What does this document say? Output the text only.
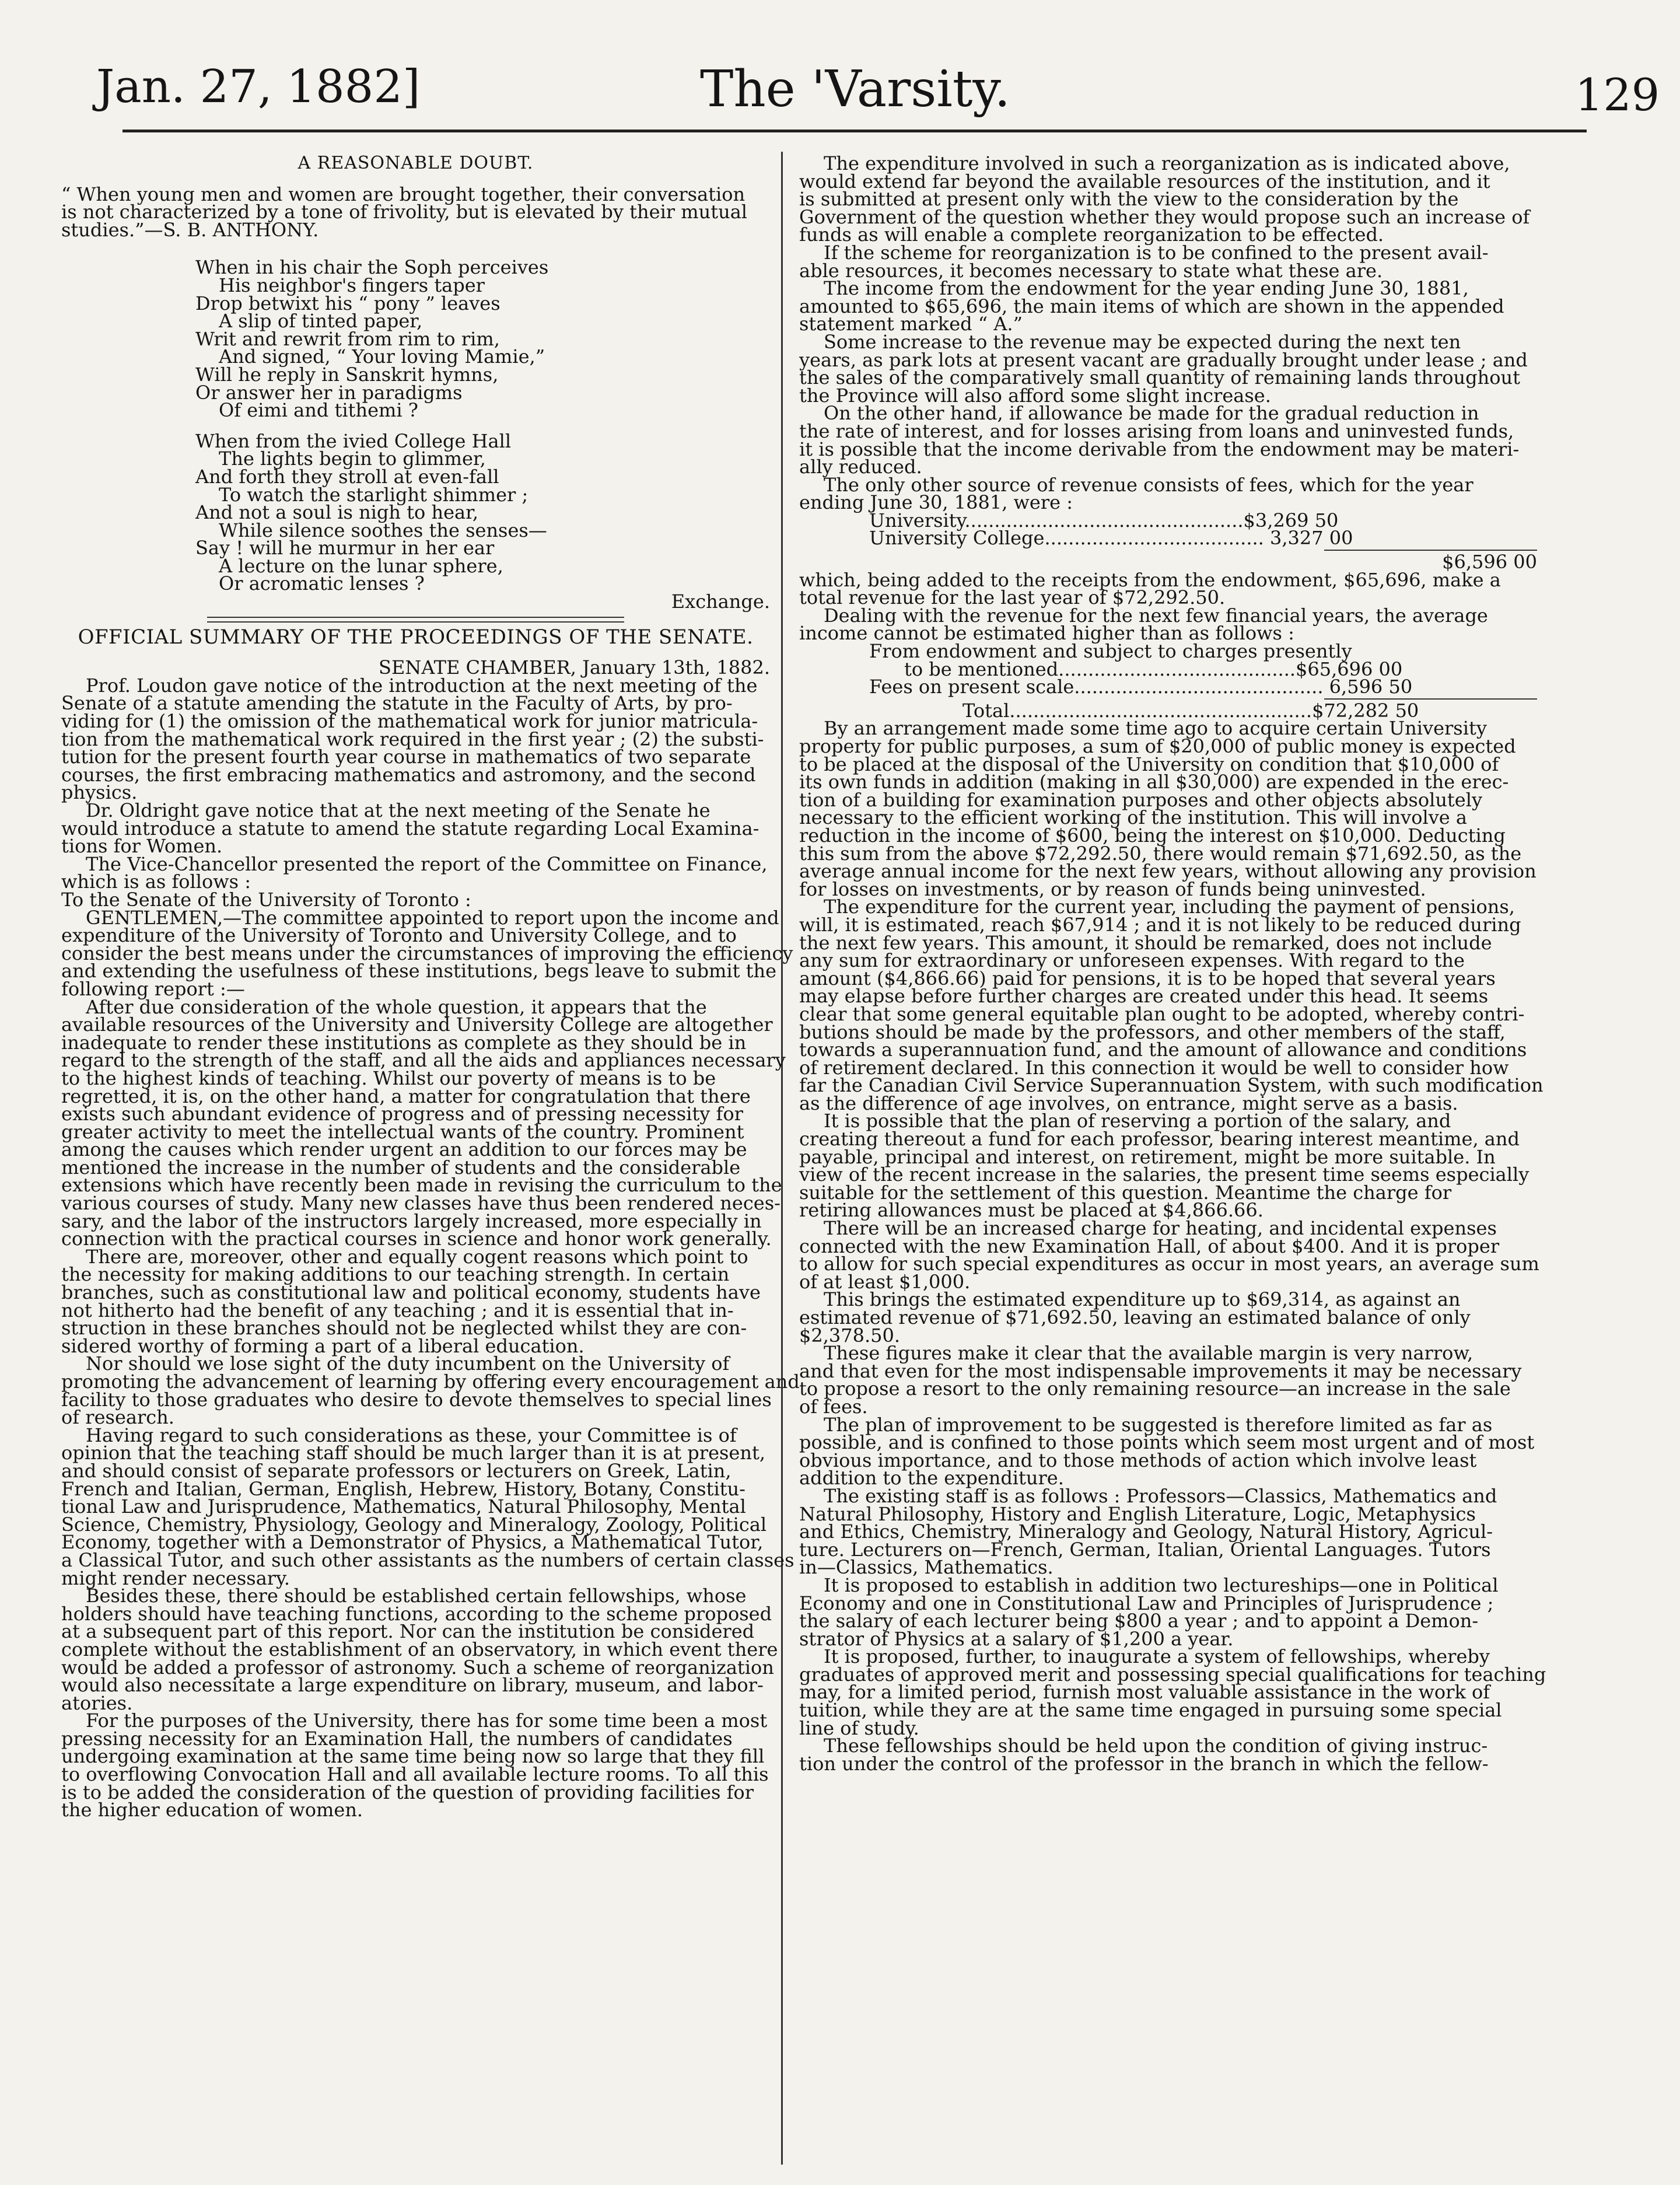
Jan. 27, 1882]	The 'Varsity.	129
A REASONABLE DOUBT.
“ When young men and women are brought together, their conversation
is not characterized by a tone of frivolity, but is elevated by their mutual
studies.”—S. B. ANTHONY.
When in his chair the Soph perceives
His neighbor's fingers taper
Drop betwixt his “ pony ” leaves
A slip of tinted paper,
Writ and rewrit from rim to rim,
And signed, “ Your loving Mamie,”
Will he reply in Sanskrit hymns,
Or answer her in paradigms
Of eimi and tithemi ?
When from the ivied College Hall
The lights begin to glimmer,
And forth they stroll at even-fall
To watch the starlight shimmer ;
And not a soul is nigh to hear,
While silence soothes the senses—
Say ! will he murmur in her ear
A lecture on the lunar sphere,
Or acromatic lenses ?
Exchange.
OFFICIAL SUMMARY OF THE PROCEEDINGS OF THE SENATE.
SENATE CHAMBER, January 13th, 1882.
Prof. Loudon gave notice of the introduction at the next meeting of the
Senate of a statute amending the statute in the Faculty of Arts, by pro-
viding for (1) the omission of the mathematical work for junior matricula-
tion from the mathematical work required in the first year ; (2) the substi-
tution for the present fourth year course in mathematics of two separate
courses, the first embracing mathematics and astromony, and the second
physics.
Dr. Oldright gave notice that at the next meeting of the Senate he
would introduce a statute to amend the statute regarding Local Examina-
tions for Women.
The Vice-Chancellor presented the report of the Committee on Finance,
which is as follows :
To the Senate of the University of Toronto :
GENTLEMEN,—The committee appointed to report upon the income and
expenditure of the University of Toronto and University College, and to
consider the best means under the circumstances of improving the efficiency
and extending the usefulness of these institutions, begs leave to submit the
following report :—
After due consideration of the whole question, it appears that the
available resources of the University and University College are altogether
inadequate to render these institutions as complete as they should be in
regard to the strength of the staff, and all the aids and appliances necessary
to the highest kinds of teaching. Whilst our poverty of means is to be
regretted, it is, on the other hand, a matter for congratulation that there
exists such abundant evidence of progress and of pressing necessity for
greater activity to meet the intellectual wants of the country. Prominent
among the causes which render urgent an addition to our forces may be
mentioned the increase in the number of students and the considerable
extensions which have recently been made in revising the curriculum to the
various courses of study. Many new classes have thus been rendered neces-
sary, and the labor of the instructors largely increased, more especially in
connection with the practical courses in science and honor work generally.
There are, moreover, other and equally cogent reasons which point to
the necessity for making additions to our teaching strength. In certain
branches, such as constitutional law and political economy, students have
not hitherto had the benefit of any teaching ; and it is essential that in-
struction in these branches should not be neglected whilst they are con-
sidered worthy of forming a part of a liberal education.
Nor should we lose sight of the duty incumbent on the University of
promoting the advancement of learning by offering every encouragement and
facility to those graduates who desire to devote themselves to special lines
of research.
Having regard to such considerations as these, your Committee is of
opinion that the teaching staff should be much larger than it is at present,
and should consist of separate professors or lecturers on Greek, Latin,
French and Italian, German, English, Hebrew, History, Botany, Constitu-
tional Law and Jurisprudence, Mathematics, Natural Philosophy, Mental
Science, Chemistry, Physiology, Geology and Mineralogy, Zoology, Political
Economy, together with a Demonstrator of Physics, a Mathematical Tutor,
a Classical Tutor, and such other assistants as the numbers of certain classes
might render necessary.
Besides these, there should be established certain fellowships, whose
holders should have teaching functions, according to the scheme proposed
at a subsequent part of this report. Nor can the institution be considered
complete without the establishment of an observatory, in which event there
would be added a professor of astronomy. Such a scheme of reorganization
would also necessitate a large expenditure on library, museum, and labor-
atories.
For the purposes of the University, there has for some time been a most
pressing necessity for an Examination Hall, the numbers of candidates
undergoing examination at the same time being now so large that they fill
to overflowing Convocation Hall and all available lecture rooms. To all this
is to be added the consideration of the question of providing facilities for
the higher education of women.
The expenditure involved in such a reorganization as is indicated above,
would extend far beyond the available resources of the institution, and it
is submitted at present only with the view to the consideration by the
Government of the question whether they would propose such an increase of
funds as will enable a complete reorganization to be effected.
If the scheme for reorganization is to be confined to the present avail-
able resources, it becomes necessary to state what these are.
The income from the endowment for the year ending June 30, 1881,
amounted to $65,696, the main items of which are shown in the appended
statement marked “ A.”
Some increase to the revenue may be expected during the next ten
years, as park lots at present vacant are gradually brought under lease ; and
the sales of the comparatively small quantity of remaining lands throughout
the Province will also afford some slight increase.
On the other hand, if allowance be made for the gradual reduction in
the rate of interest, and for losses arising from loans and uninvested funds,
it is possible that the income derivable from the endowment may be materi-
ally reduced.
The only other source of revenue consists of fees, which for the year
ending June 30, 1881, were :
University...............................................$3,269 50
University College..................................... 3,327 00
$6,596 00
which, being added to the receipts from the endowment, $65,696, make a
total revenue for the last year of $72,292.50.
Dealing with the revenue for the next few financial years, the average
income cannot be estimated higher than as follows :
From endowment and subject to charges presently
to be mentioned........................................$65,696 00
Fees on present scale.......................................... 6,596 50
Total...................................................$72,282 50
By an arrangement made some time ago to acquire certain University
property for public purposes, a sum of $20,000 of public money is expected
to be placed at the disposal of the University on condition that $10,000 of
its own funds in addition (making in all $30,000) are expended in the erec-
tion of a building for examination purposes and other objects absolutely
necessary to the efficient working of the institution. This will involve a
reduction in the income of $600, being the interest on $10,000. Deducting
this sum from the above $72,292.50, there would remain $71,692.50, as the
average annual income for the next few years, without allowing any provision
for losses on investments, or by reason of funds being uninvested.
The expenditure for the current year, including the payment of pensions,
will, it is estimated, reach $67,914 ; and it is not likely to be reduced during
the next few years. This amount, it should be remarked, does not include
any sum for extraordinary or unforeseen expenses. With regard to the
amount ($4,866.66) paid for pensions, it is to be hoped that several years
may elapse before further charges are created under this head. It seems
clear that some general equitable plan ought to be adopted, whereby contri-
butions should be made by the professors, and other members of the staff,
towards a superannuation fund, and the amount of allowance and conditions
of retirement declared. In this connection it would be well to consider how
far the Canadian Civil Service Superannuation System, with such modification
as the difference of age involves, on entrance, might serve as a basis.
It is possible that the plan of reserving a portion of the salary, and
creating thereout a fund for each professor, bearing interest meantime, and
payable, principal and interest, on retirement, might be more suitable. In
view of the recent increase in the salaries, the present time seems especially
suitable for the settlement of this question. Meantime the charge for
retiring allowances must be placed at $4,866.66.
There will be an increased charge for heating, and incidental expenses
connected with the new Examination Hall, of about $400. And it is proper
to allow for such special expenditures as occur in most years, an average sum
of at least $1,000.
This brings the estimated expenditure up to $69,314, as against an
estimated revenue of $71,692.50, leaving an estimated balance of only
$2,378.50.
These figures make it clear that the available margin is very narrow,
and that even for the most indispensable improvements it may be necessary
to propose a resort to the only remaining resource—an increase in the sale
of fees.
The plan of improvement to be suggested is therefore limited as far as
possible, and is confined to those points which seem most urgent and of most
obvious importance, and to those methods of action which involve least
addition to the expenditure.
The existing staff is as follows : Professors—Classics, Mathematics and
Natural Philosophy, History and English Literature, Logic, Metaphysics
and Ethics, Chemistry, Mineralogy and Geology, Natural History, Agricul-
ture. Lecturers on—French, German, Italian, Oriental Languages. Tutors
in—Classics, Mathematics.
It is proposed to establish in addition two lectureships—one in Political
Economy and one in Constitutional Law and Principles of Jurisprudence ;
the salary of each lecturer being $800 a year ; and to appoint a Demon-
strator of Physics at a salary of $1,200 a year.
It is proposed, further, to inaugurate a system of fellowships, whereby
graduates of approved merit and possessing special qualifications for teaching
may, for a limited period, furnish most valuable assistance in the work of
tuition, while they are at the same time engaged in pursuing some special
line of study.
These fellowships should be held upon the condition of giving instruc-
tion under the control of the professor in the branch in which the fellow-
